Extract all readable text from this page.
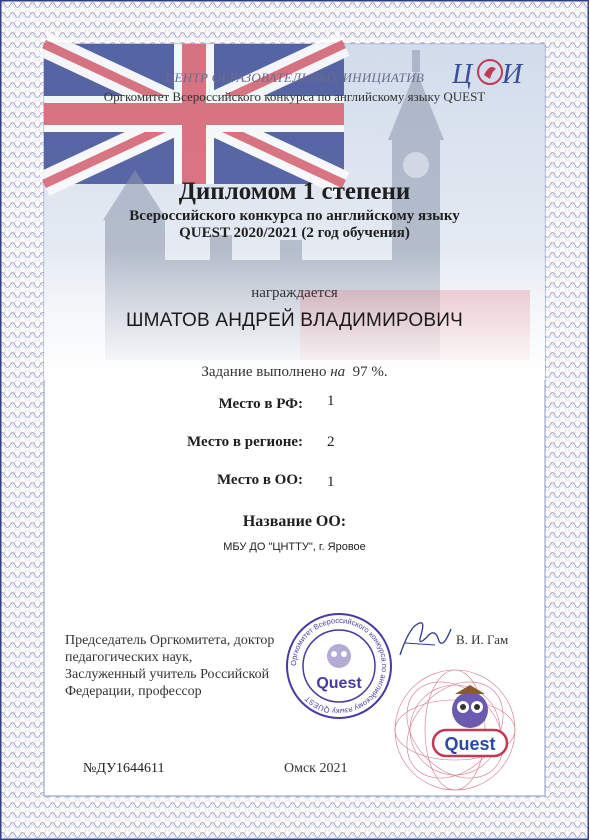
ЦЕНТР ОБРАЗОВАТЕЛЬНЫХ ИНИЦИАТИВ
Оргкомитет Всероссийского конкурса по английскому языку QUEST
Ц И
Дипломом 1 степени
Всероссийского конкурса по английскому языку
QUEST 2020/2021 (2 год обучения)
награждается
ШМАТОВ АНДРЕЙ ВЛАДИМИРОВИЧ
Задание выполнено на 97 %.
Место в РФ: 1
Место в регионе: 2
Место в ОО: 1
Название ОО:
МБУ ДО "ЦНТТУ", г. Яровое
Председатель Оргкомитета, доктор педагогических наук, Заслуженный учитель Российской Федерации, профессор
Оргкомитет Всероссийского конкурса по английскому языку QUEST
Quest
В. И. Гам
Quest
№ДУ1644611	Омск 2021
